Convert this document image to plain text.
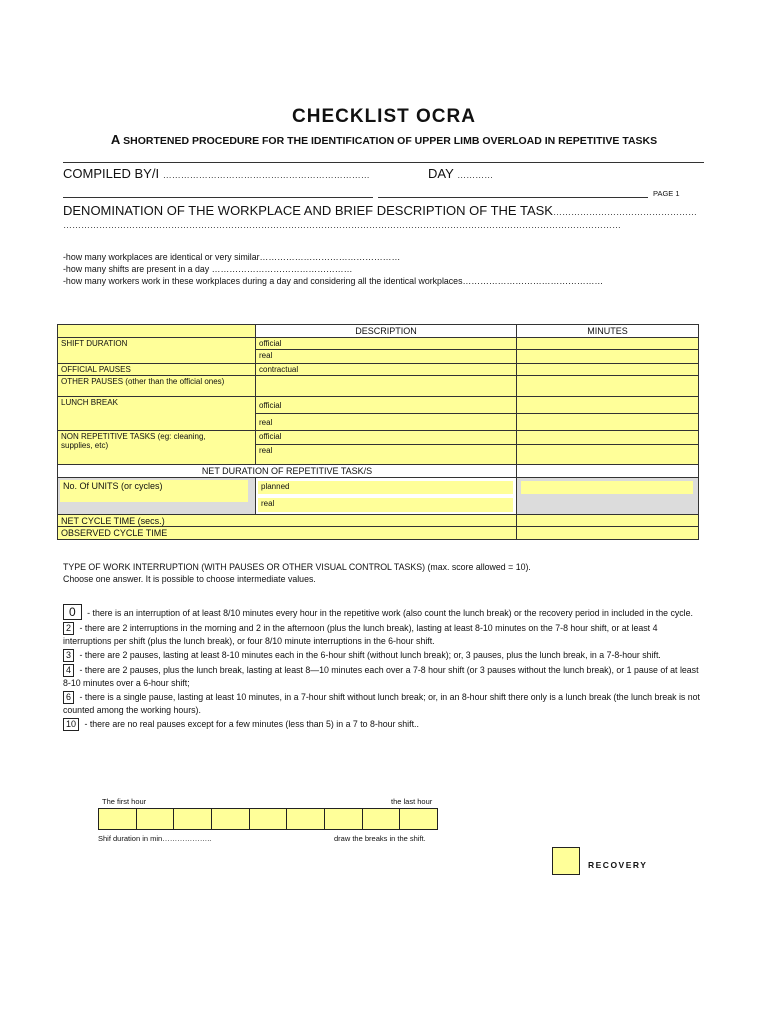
CHECKLIST OCRA
A SHORTENED PROCEDURE FOR THE IDENTIFICATION OF UPPER LIMB OVERLOAD IN REPETITIVE TASKS
COMPILED BY/I ……………………………………………………………	DAY …………
PAGE 1
DENOMINATION OF THE WORKPLACE AND BRIEF DESCRIPTION OF THE TASK…………………………………………
……………………………………………………………………………………………………………………………………………………………………
-how many workplaces are identical or very similar…………………………………………
-how many shifts are present in a day …………………………………………
-how many workers work in these workplaces during a day and considering all the identical workplaces…………………………………………
DESCRIPTION	MINUTES
SHIFT DURATION	official
real
OFFICIAL PAUSES	contractual
OTHER PAUSES (other than the official ones)
LUNCH BREAK	official
real
NON REPETITIVE TASKS (eg: cleaning, supplies, etc)
official
real
NET DURATION OF REPETITIVE TASK/S
No. Of UNITS (or cycles)	planned
real
NET CYCLE TIME (secs.)
OBSERVED CYCLE TIME
TYPE OF WORK INTERRUPTION (WITH PAUSES OR OTHER VISUAL CONTROL TASKS) (max. score allowed = 10).
Choose one answer. It is possible to choose intermediate values.
0 - there is an interruption of at least 8/10 minutes every hour in the repetitive work (also count the lunch break) or the recovery period in included in the cycle.
2 - there are 2 interruptions in the morning and 2 in the afternoon (plus the lunch break), lasting at least 8-10 minutes on the 7-8 hour shift, or at least 4 interruptions per shift (plus the lunch break), or four 8/10 minute interruptions in the 6-hour shift.
3 - there are 2 pauses, lasting at least 8-10 minutes each in the 6-hour shift (without lunch break); or, 3 pauses, plus the lunch break, in a 7-8-hour shift.
4 - there are 2 pauses, plus the lunch break, lasting at least 8—10 minutes each over a 7-8 hour shift (or 3 pauses without the lunch break), or 1 pause of at least 8-10 minutes over a 6-hour shift;
6 - there is a single pause, lasting at least 10 minutes, in a 7-hour shift without lunch break; or, in an 8-hour shift there only is a lunch break (the lunch break is not counted among the working hours).
10 - there are no real pauses except for a few minutes (less than 5) in a 7 to 8-hour shift..
The first hour	the last hour
Shif duration in min………………..	draw the breaks in the shift.
RECOVERY
